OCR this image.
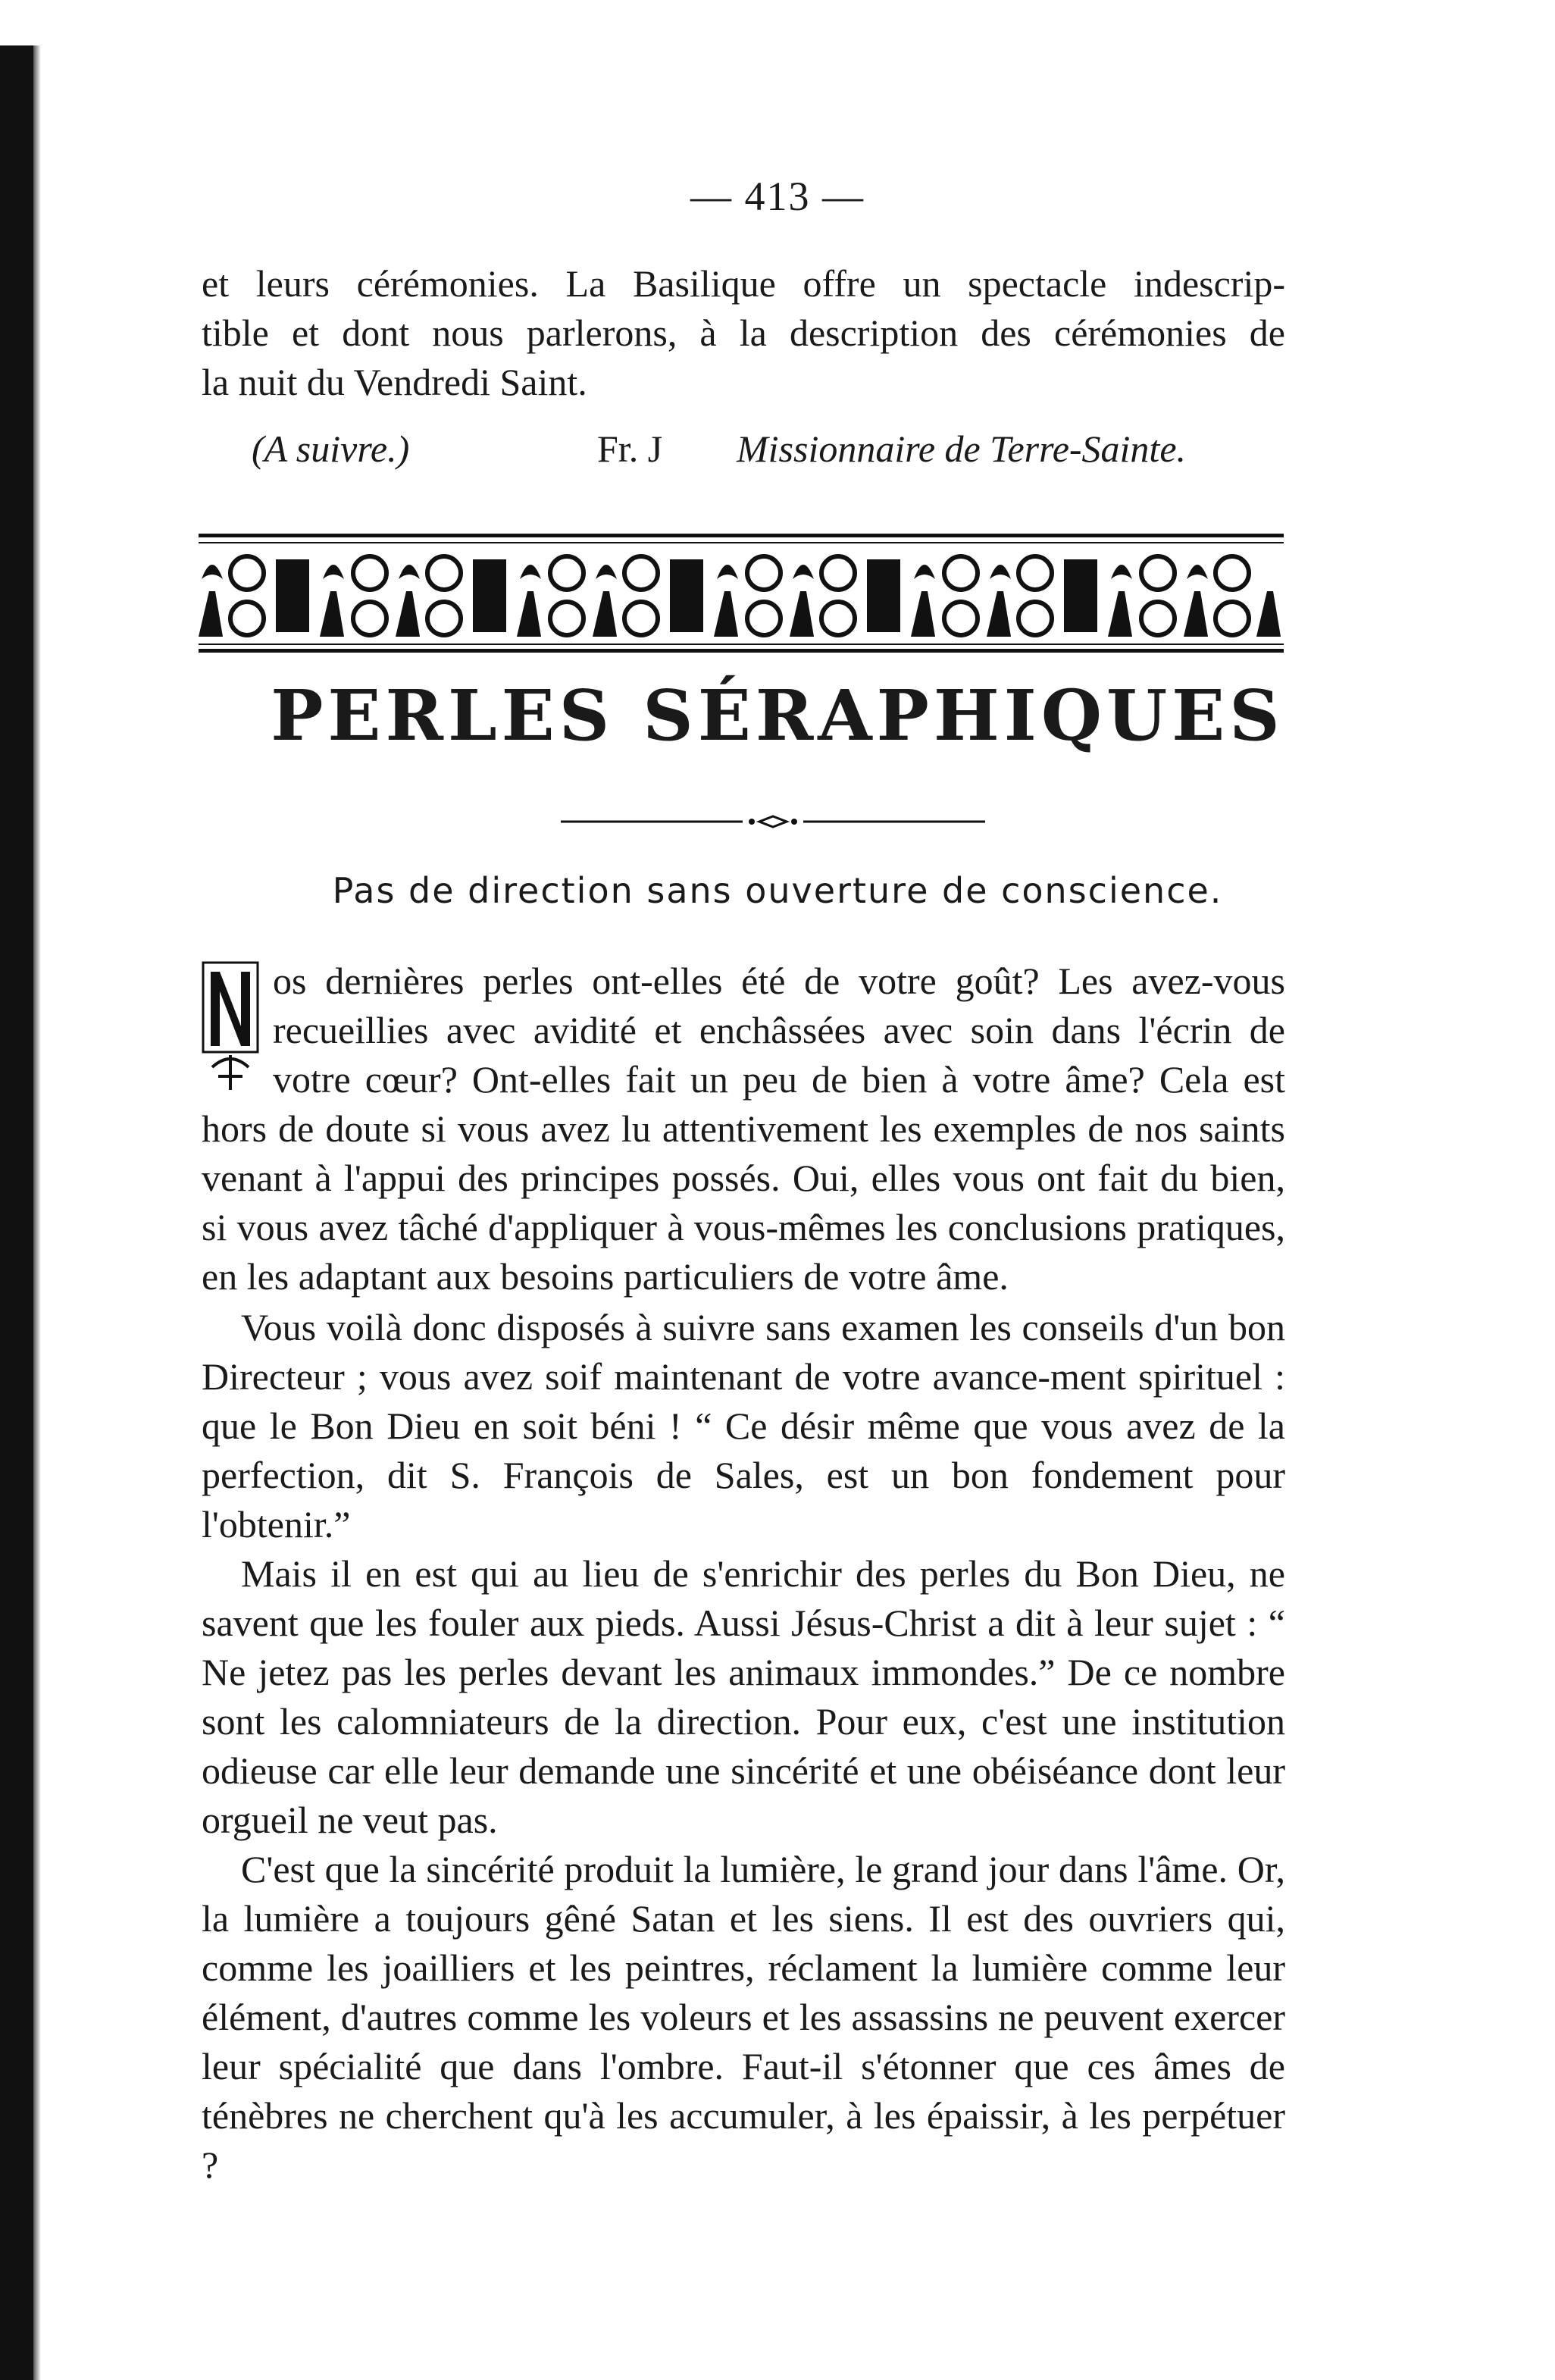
— 413 —
et leurs cérémonies. La Basilique offre un spectacle indescrip-
tible et dont nous parlerons, à la description des cérémonies de
la nuit du Vendredi Saint.
(A suivre.)	Fr. J Missionnaire de Terre-Sainte.
PERLES SÉRAPHIQUES
Pas de direction sans ouverture de conscience.

os dernières perles ont-elles été de votre goût? Les avez-vous recueillies avec avidité et enchâssées avec soin dans l'écrin de votre cœur? Ont-elles fait un peu de bien à votre âme? Cela est hors de doute si vous avez lu attentivement les exemples de nos saints venant à l'appui des principes possés. Oui, elles vous ont fait du bien, si vous avez tâché d'appliquer à vous-mêmes les conclusions pratiques, en les adaptant aux besoins particuliers de votre âme.

Vous voilà donc disposés à suivre sans examen les conseils d'un bon Directeur ; vous avez soif maintenant de votre avance-ment spirituel : que le Bon Dieu en soit béni ! “ Ce désir même que vous avez de la perfection, dit S. François de Sales, est un bon fondement pour l'obtenir.”

Mais il en est qui au lieu de s'enrichir des perles du Bon Dieu, ne savent que les fouler aux pieds. Aussi Jésus-Christ a dit à leur sujet : “ Ne jetez pas les perles devant les animaux immondes.” De ce nombre sont les calomniateurs de la direction. Pour eux, c'est une institution odieuse car elle leur demande une sincérité et une obéiséance dont leur orgueil ne veut pas.

C'est que la sincérité produit la lumière, le grand jour dans l'âme. Or, la lumière a toujours gêné Satan et les siens. Il est des ouvriers qui, comme les joailliers et les peintres, réclament la lumière comme leur élément, d'autres comme les voleurs et les assassins ne peuvent exercer leur spécialité que dans l'ombre. Faut-il s'étonner que ces âmes de ténèbres ne cherchent qu'à les accumuler, à les épaissir, à les perpétuer ?
